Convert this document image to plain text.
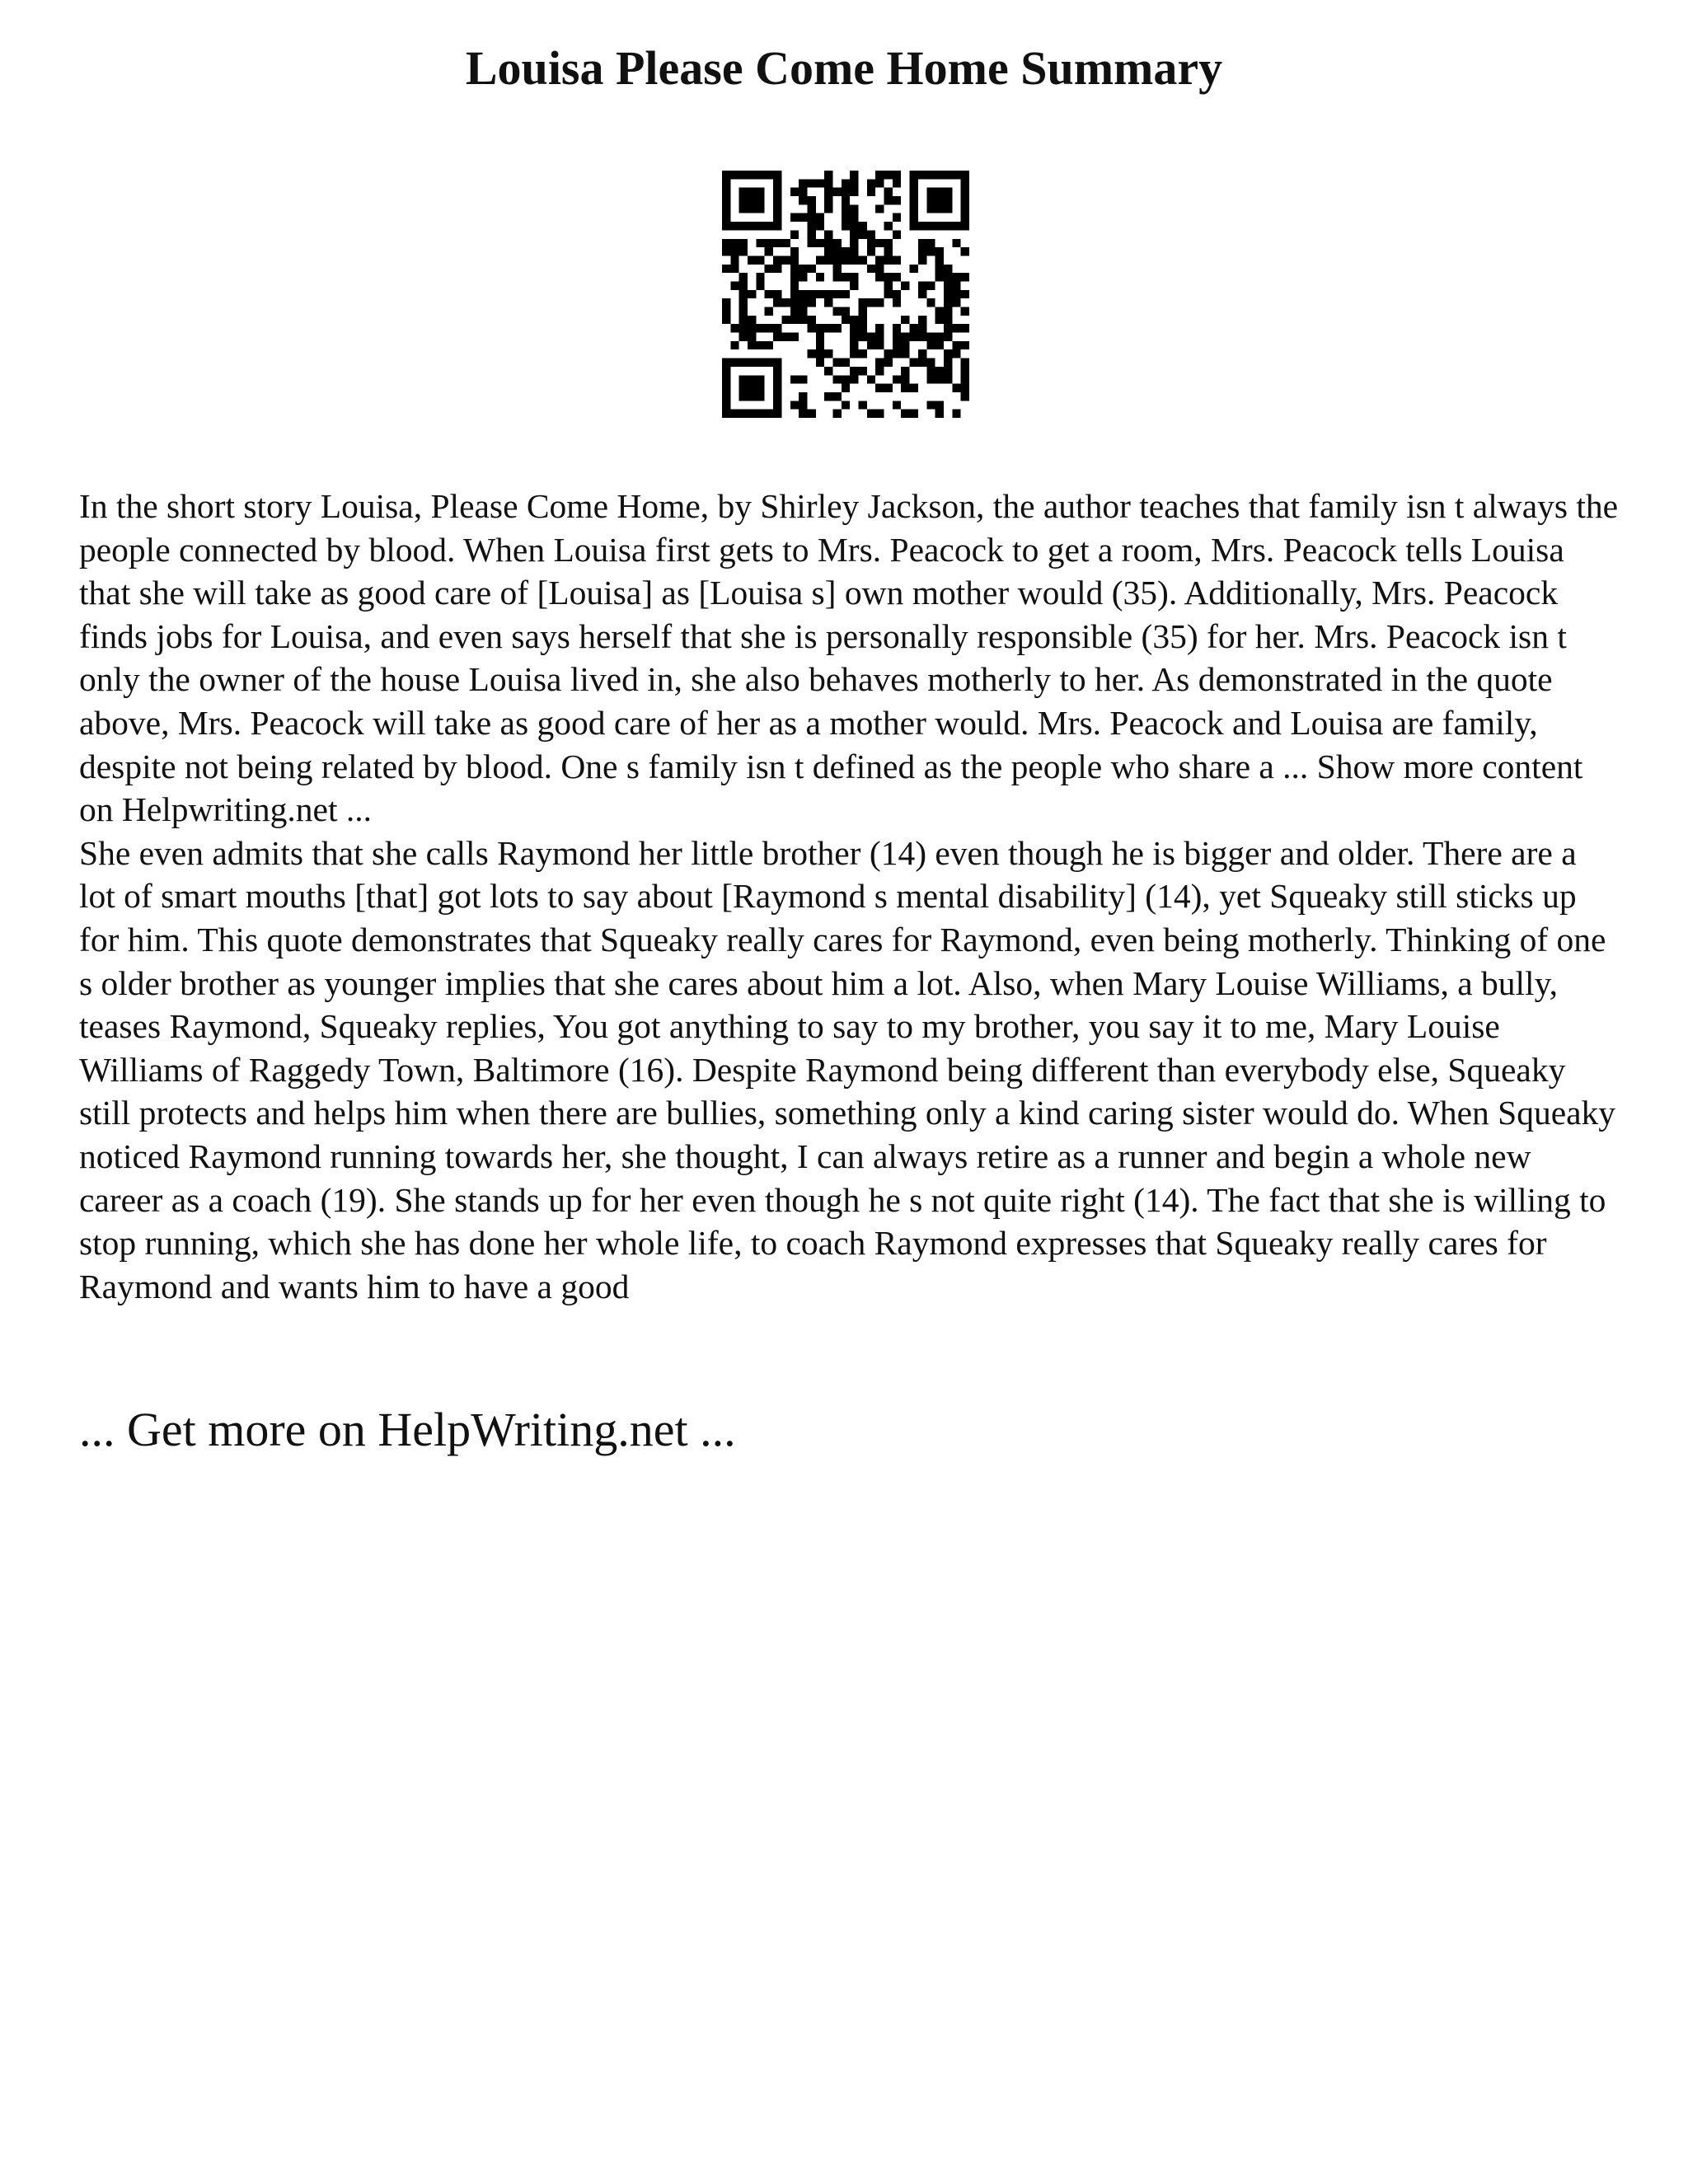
Louisa Please Come Home Summary

In the short story Louisa, Please Come Home, by Shirley Jackson, the author teaches that family isn t always the people connected by blood. When Louisa first gets to Mrs. Peacock to get a room, Mrs. Peacock tells Louisa that she will take as good care of [Louisa] as [Louisa s] own mother would (35). Additionally, Mrs. Peacock finds jobs for Louisa, and even says herself that she is personally responsible (35) for her. Mrs. Peacock isn t only the owner of the house Louisa lived in, she also behaves motherly to her. As demonstrated in the quote above, Mrs. Peacock will take as good care of her as a mother would. Mrs. Peacock and Louisa are family, despite not being related by blood. One s family isn t defined as the people who share a ... Show more content on Helpwriting.net ...

She even admits that she calls Raymond her little brother (14) even though he is bigger and older. There are a lot of smart mouths [that] got lots to say about [Raymond s mental disability] (14), yet Squeaky still sticks up for him. This quote demonstrates that Squeaky really cares for Raymond, even being motherly. Thinking of one s older brother as younger implies that she cares about him a lot. Also, when Mary Louise Williams, a bully, teases Raymond, Squeaky replies, You got anything to say to my brother, you say it to me, Mary Louise Williams of Raggedy Town, Baltimore (16). Despite Raymond being different than everybody else, Squeaky still protects and helps him when there are bullies, something only a kind caring sister would do. When Squeaky noticed Raymond running towards her, she thought, I can always retire as a runner and begin a whole new career as a coach (19). She stands up for her even though he s not quite right (14). The fact that she is willing to stop running, which she has done her whole life, to coach Raymond expresses that Squeaky really cares for Raymond and wants him to have a good

... Get more on HelpWriting.net ...
